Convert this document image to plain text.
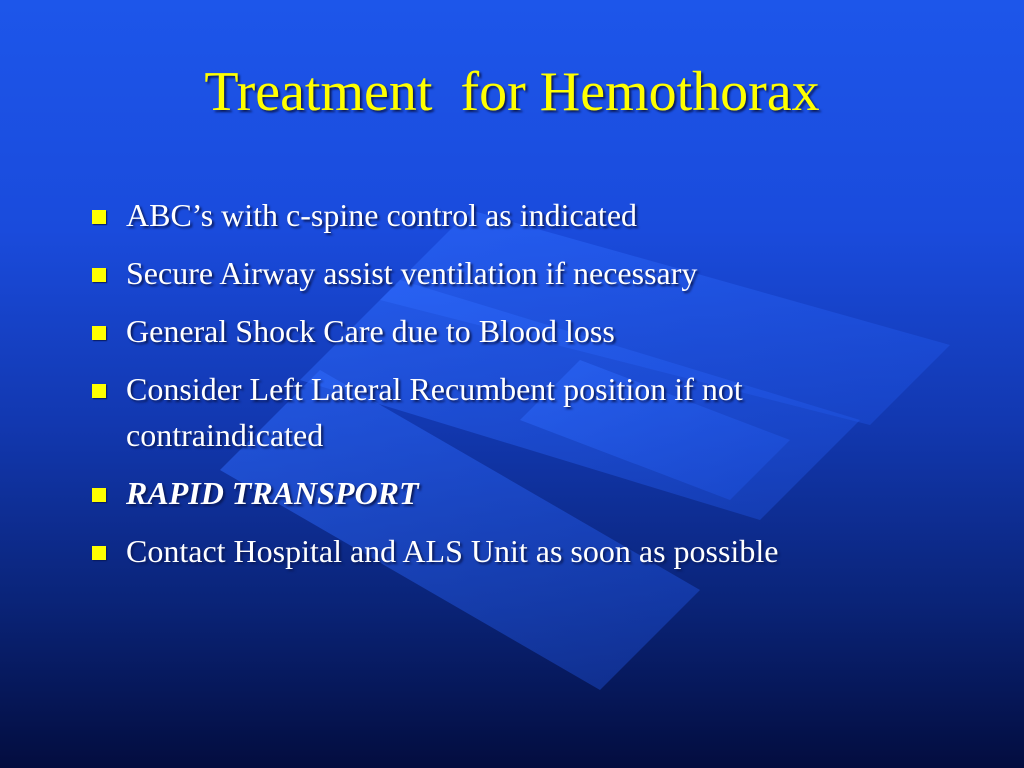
Treatment  for Hemothorax
ABC’s with c-spine control as indicated
Secure Airway assist ventilation if necessary
General Shock Care due to Blood loss
Consider Left Lateral Recumbent position if not contraindicated
RAPID TRANSPORT
Contact Hospital and ALS Unit as soon as possible
